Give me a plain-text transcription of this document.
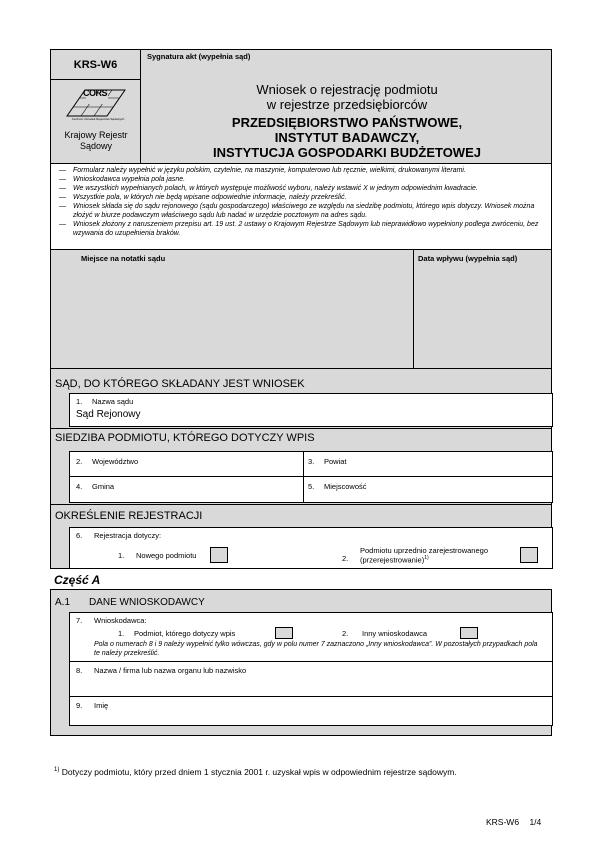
KRS-W6
Sygnatura akt (wypełnia sąd)
CORS
Centrum Ośrodek Rejestrów Sądowych
Krajowy Rejestr Sądowy
Wniosek o rejestrację podmiotu
w rejestrze przedsiębiorców
PRZEDSIĘBIORSTWO PAŃSTWOWE,
INSTYTUT BADAWCZY,
INSTYTUCJA GOSPODARKI BUDŻETOWEJ
— Formularz należy wypełnić w języku polskim, czytelnie, na maszynie, komputerowo lub ręcznie, wielkimi, drukowanymi literami.
— Wnioskodawca wypełnia pola jasne.
— We wszystkich wypełnianych polach, w których występuje możliwość wyboru, należy wstawić X w jednym odpowiednim kwadracie.
— Wszystkie pola, w których nie będą wpisane odpowiednie informacje, należy przekreślić.
— Wniosek składa się do sądu rejonowego (sądu gospodarczego) właściwego ze względu na siedzibę podmiotu, którego wpis dotyczy. Wniosek można złożyć w biurze podawczym właściwego sądu lub nadać w urzędzie pocztowym na adres sądu.
— Wniosek złożony z naruszeniem przepisu art. 19 ust. 2 ustawy o Krajowym Rejestrze Sądowym lub nieprawidłowo wypełniony podlega zwróceniu, bez wzywania do uzupełnienia braków.
Miejsce na notatki sądu	Data wpływu (wypełnia sąd)
SĄD, DO KTÓREGO SKŁADANY JEST WNIOSEK
1. Nazwa sądu
Sąd Rejonowy
SIEDZIBA PODMIOTU, KTÓREGO DOTYCZY WPIS
2. Województwo	3. Powiat
4. Gmina	5. Miejscowość
OKREŚLENIE REJESTRACJI
6. Rejestracja dotyczy:
1. Nowego podmiotu	2.
Podmiotu uprzednio zarejestrowanego
(przerejestrowanie)$^{1)}$
Część A
A.1 DANE WNIOSKODAWCY
7. Wnioskodawca:
1. Podmiot, którego dotyczy wpis	2. Inny wnioskodawca
Pola o numerach 8 i 9 należy wypełnić tylko wówczas, gdy w polu numer 7 zaznaczono „Inny wnioskodawca”. W pozostałych przypadkach pola te należy przekreślić.
8. Nazwa / firma lub nazwa organu lub nazwisko
9. Imię
$^{1)}$ Dotyczy podmiotu, który przed dniem 1 stycznia 2001 r. uzyskał wpis w odpowiednim rejestrze sądowym.
KRS-W6 1/4
